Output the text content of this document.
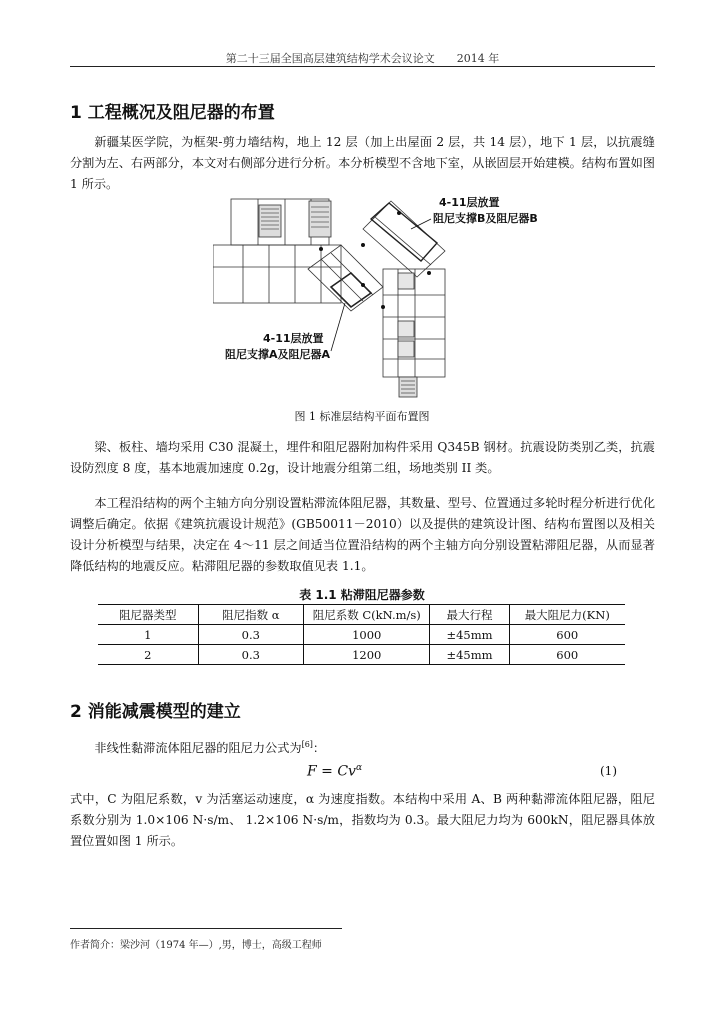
第二十三届全国高层建筑结构学术会议论文 2014 年
1 工程概况及阻尼器的布置
新疆某医学院，为框架-剪力墙结构，地上 12 层（加上出屋面 2 层，共 14 层），地下 1 层，以抗震缝分割为左、右两部分，本文对右侧部分进行分析。本分析模型不含地下室，从嵌固层开始建模。结构布置如图 1 所示。
4-11层放置
阻尼支撑B及阻尼器B
4-11层放置
阻尼支撑A及阻尼器A
图 1 标准层结构平面布置图
梁、板柱、墙均采用 C30 混凝土，埋件和阻尼器附加构件采用 Q345B 钢材。抗震设防类别乙类，抗震设防烈度 8 度，基本地震加速度 0.2g，设计地震分组第二组，场地类别 II 类。
本工程沿结构的两个主轴方向分别设置粘滞流体阻尼器，其数量、型号、位置通过多轮时程分析进行优化调整后确定。依据《建筑抗震设计规范》(GB50011－2010）以及提供的建筑设计图、结构布置图以及相关设计分析模型与结果，决定在 4～11 层之间适当位置沿结构的两个主轴方向分别设置粘滞阻尼器，从而显著降低结构的地震反应。粘滞阻尼器的参数取值见表 1.1。
表 1.1 粘滞阻尼器参数
阻尼器类型	阻尼指数 α	阻尼系数 C(kN.m/s)	最大行程	最大阻尼力(KN)
1	0.3	1000	±45mm	600
2	0.3	1200	±45mm	600
2 消能减震模型的建立
非线性黏滞流体阻尼器的阻尼力公式为[6]：
$F = Cv^\alpha$	(1)
式中，C 为阻尼系数，v 为活塞运动速度，α 为速度指数。本结构中采用 A、B 两种黏滞流体阻尼器，阻尼系数分别为 1.0×106 N·s/m、 1.2×106 N·s/m，指数均为 0.3。最大阻尼力均为 600kN，阻尼器具体放置位置如图 1 所示。
作者简介：梁沙河（1974 年—）,男，博士，高级工程师
